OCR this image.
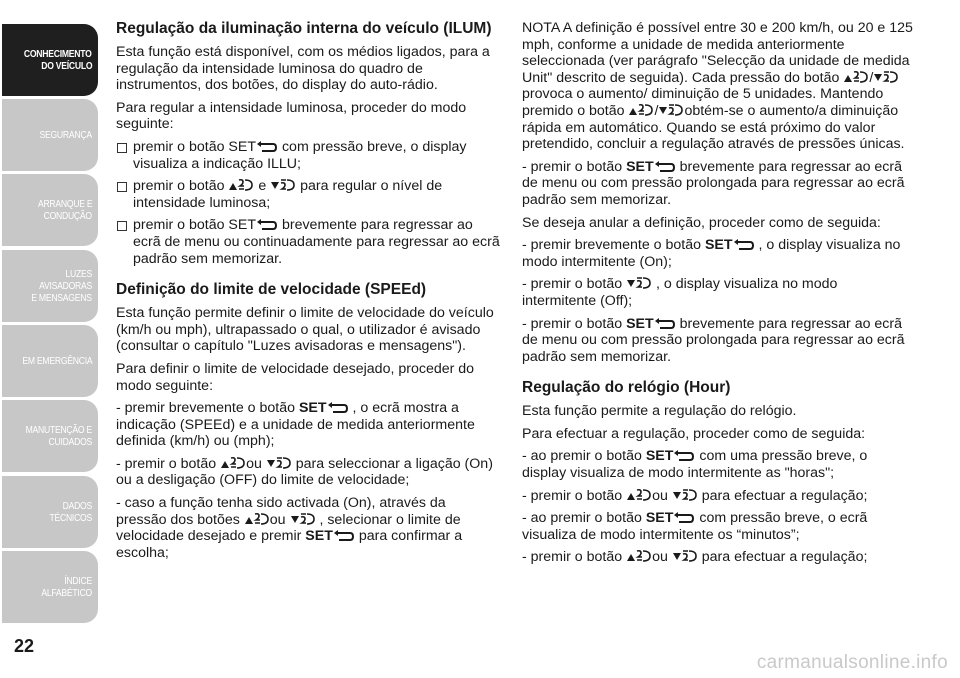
CONHECIMENTO
DO VEÍCULO
SEGURANÇA
ARRANQUE E
CONDUÇÃO
LUZES AVISADORAS
E MENSAGENS
EM EMERGÊNCIA
MANUTENÇÃO E
CUIDADOS
DADOS TÉCNICOS
ÍNDICE ALFABÉTICO
22
Regulação da iluminação interna do veículo (ILUM)

Esta função está disponível, com os médios ligados, para a regulação da intensidade luminosa do quadro de instrumentos, dos botões, do display do auto-rádio.

Para regular a intensidade luminosa, proceder do modo seguinte:

premir o botão SET com pressão breve, o display visualiza a indicação ILLU;
premir o botão  e  para regular o nível de intensidade luminosa;
premir o botão SET brevemente para regressar ao ecrã de menu ou continuadamente para regressar ao ecrã padrão sem memorizar.
Definição do limite de velocidade (SPEEd)

Esta função permite definir o limite de velocidade do veículo (km/h ou mph), ultrapassado o qual, o utilizador é avisado (consultar o capítulo "Luzes avisadoras e mensagens").

Para definir o limite de velocidade desejado, proceder do modo seguinte:

- premir brevemente o botão SET , o ecrã mostra a indicação (SPEEd) e a unidade de medida anteriormente definida (km/h) ou (mph);

- premir o botão ou  para seleccionar a ligação (On) ou a desligação (OFF) do limite de velocidade;

- caso a função tenha sido activada (On), através da pressão dos botões ou  , selecionar o limite de velocidade desejado e premir SET para confirmar a escolha;

NOTA A definição é possível entre 30 e 200 km/h, ou 20 e 125 mph, conforme a unidade de medida anteriormente seleccionada (ver parágrafo "Selecção da unidade de medida Unit" descrito de seguida). Cada pressão do botão /provoca o aumento/ diminuição de 5 unidades. Mantendo premido o botão / obtém-se o aumento/a diminuição rápida em automático. Quando se está próximo do valor pretendido, concluir a regulação através de pressões únicas.

- premir o botão SET brevemente para regressar ao ecrã de menu ou com pressão prolongada para regressar ao ecrã padrão sem memorizar.

Se deseja anular a definição, proceder como de seguida:

- premir brevemente o botão SET , o display visualiza no modo intermitente (On);

- premir o botão  , o display visualiza no modo intermitente (Off);

- premir o botão SET brevemente para regressar ao ecrã de menu ou com pressão prolongada para regressar ao ecrã padrão sem memorizar.

Regulação do relógio (Hour)

Esta função permite a regulação do relógio.

Para efectuar a regulação, proceder como de seguida:

- ao premir o botão SET com uma pressão breve, o display visualiza de modo intermitente as "horas";

- premir o botão ou  para efectuar a regulação;

- ao premir o botão SET com pressão breve, o ecrã visualiza de modo intermitente os “minutos”;

- premir o botão ou  para efectuar a regulação;

carmanualsonline.info
